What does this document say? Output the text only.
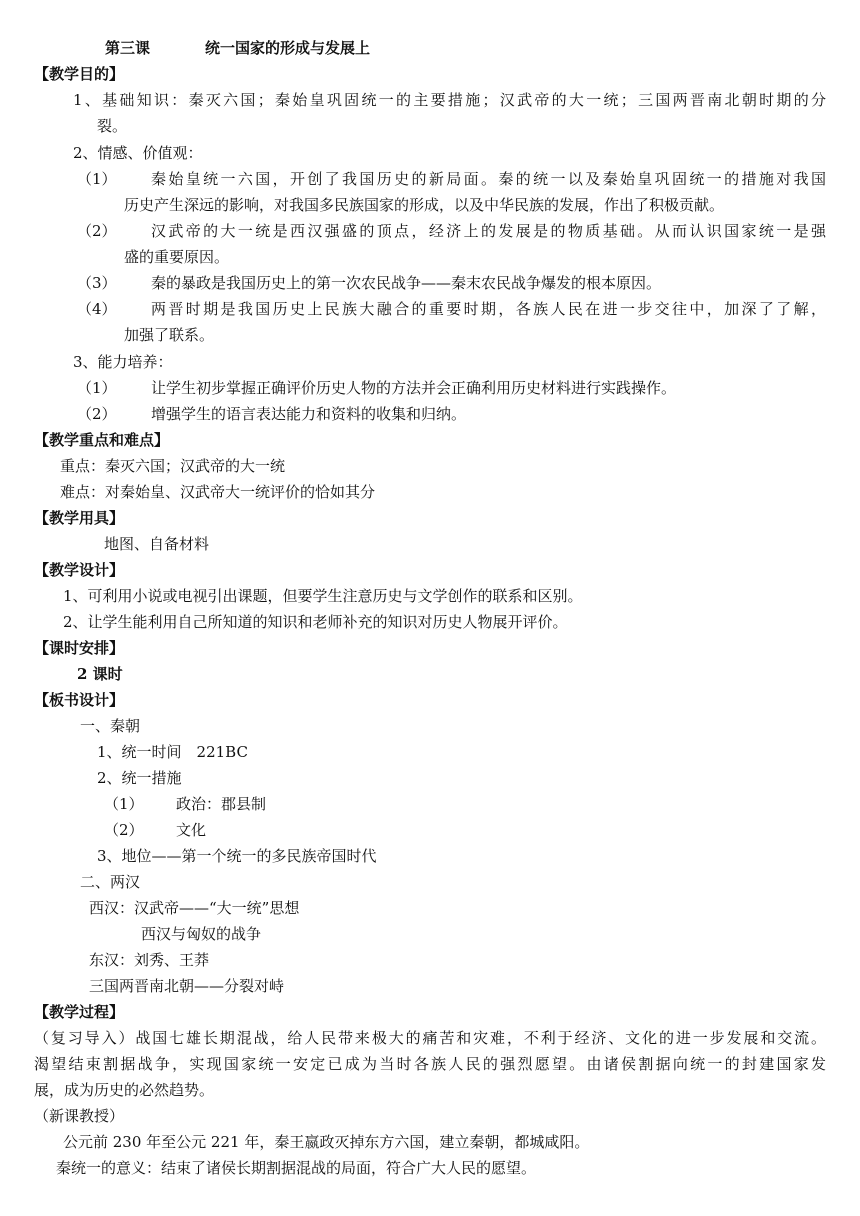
第三课	统一国家的形成与发展上
【教学目的】
1、基础知识：秦灭六国；秦始皇巩固统一的主要措施；汉武帝的大一统；三国两晋南北朝时期的分
裂。
2、情感、价值观：
（1） 秦始皇统一六国，开创了我国历史的新局面。秦的统一以及秦始皇巩固统一的措施对我国
历史产生深远的影响，对我国多民族国家的形成，以及中华民族的发展，作出了积极贡献。
（2） 汉武帝的大一统是西汉强盛的顶点，经济上的发展是的物质基础。从而认识国家统一是强
盛的重要原因。
（3） 秦的暴政是我国历史上的第一次农民战争——秦末农民战争爆发的根本原因。
（4） 两晋时期是我国历史上民族大融合的重要时期，各族人民在进一步交往中，加深了了解，
加强了联系。
3、能力培养：
（1） 让学生初步掌握正确评价历史人物的方法并会正确利用历史材料进行实践操作。
（2） 增强学生的语言表达能力和资料的收集和归纳。
【教学重点和难点】
重点：秦灭六国；汉武帝的大一统
难点：对秦始皇、汉武帝大一统评价的恰如其分
【教学用具】
地图、自备材料
【教学设计】
1、可利用小说或电视引出课题，但要学生注意历史与文学创作的联系和区别。
2、让学生能利用自己所知道的知识和老师补充的知识对历史人物展开评价。
【课时安排】
2 课时
【板书设计】
一、秦朝
1、统一时间　221BC
2、统一措施
（1） 政治：郡县制
（2） 文化
3、地位——第一个统一的多民族帝国时代
二、两汉
西汉：汉武帝——“大一统”思想
西汉与匈奴的战争
东汉：刘秀、王莽
三国两晋南北朝——分裂对峙
【教学过程】
（复习导入）战国七雄长期混战，给人民带来极大的痛苦和灾难，不利于经济、文化的进一步发展和交流。
渴望结束割据战争，实现国家统一安定已成为当时各族人民的强烈愿望。由诸侯割据向统一的封建国家发
展，成为历史的必然趋势。
（新课教授）
公元前 230 年至公元 221 年，秦王嬴政灭掉东方六国，建立秦朝，都城咸阳。
秦统一的意义：结束了诸侯长期割据混战的局面，符合广大人民的愿望。
